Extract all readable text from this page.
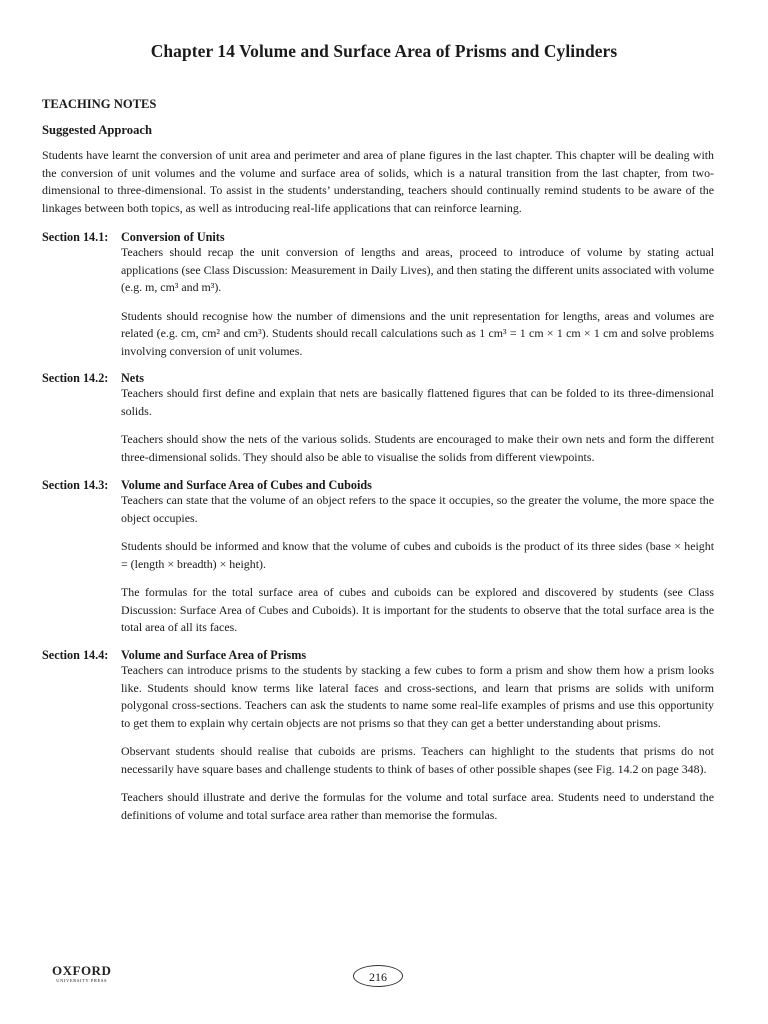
Chapter 14 Volume and Surface Area of Prisms and Cylinders
TEACHING NOTES
Suggested Approach

Students have learnt the conversion of unit area and perimeter and area of plane figures in the last chapter. This chapter will be dealing with the conversion of unit volumes and the volume and surface area of solids, which is a natural transition from the last chapter, from two-dimensional to three-dimensional. To assist in the students’ understanding, teachers should continually remind students to be aware of the linkages between both topics, as well as introducing real-life applications that can reinforce learning.

Section 14.1: Conversion of Units

Teachers should recap the unit conversion of lengths and areas, proceed to introduce of volume by stating actual applications (see Class Discussion: Measurement in Daily Lives), and then stating the different units associated with volume (e.g. m, cm³ and m³).

Students should recognise how the number of dimensions and the unit representation for lengths, areas and volumes are related (e.g. cm, cm² and cm³). Students should recall calculations such as 1 cm³ = 1 cm × 1 cm × 1 cm and solve problems involving conversion of unit volumes.

Section 14.2: Nets

Teachers should first define and explain that nets are basically flattened figures that can be folded to its three-dimensional solids.

Teachers should show the nets of the various solids. Students are encouraged to make their own nets and form the different three-dimensional solids. They should also be able to visualise the solids from different viewpoints.

Section 14.3: Volume and Surface Area of Cubes and Cuboids

Teachers can state that the volume of an object refers to the space it occupies, so the greater the volume, the more space the object occupies.

Students should be informed and know that the volume of cubes and cuboids is the product of its three sides (base × height = (length × breadth) × height).

The formulas for the total surface area of cubes and cuboids can be explored and discovered by students (see Class Discussion: Surface Area of Cubes and Cuboids). It is important for the students to observe that the total surface area is the total area of all its faces.

Section 14.4: Volume and Surface Area of Prisms

Teachers can introduce prisms to the students by stacking a few cubes to form a prism and show them how a prism looks like. Students should know terms like lateral faces and cross-sections, and learn that prisms are solids with uniform polygonal cross-sections. Teachers can ask the students to name some real-life examples of prisms and use this opportunity to get them to explain why certain objects are not prisms so that they can get a better understanding about prisms.

Observant students should realise that cuboids are prisms. Teachers can highlight to the students that prisms do not necessarily have square bases and challenge students to think of bases of other possible shapes (see Fig. 14.2 on page 348).

Teachers should illustrate and derive the formulas for the volume and total surface area. Students need to understand the definitions of volume and total surface area rather than memorise the formulas.

OXFORD
UNIVERSITY PRESS	216
